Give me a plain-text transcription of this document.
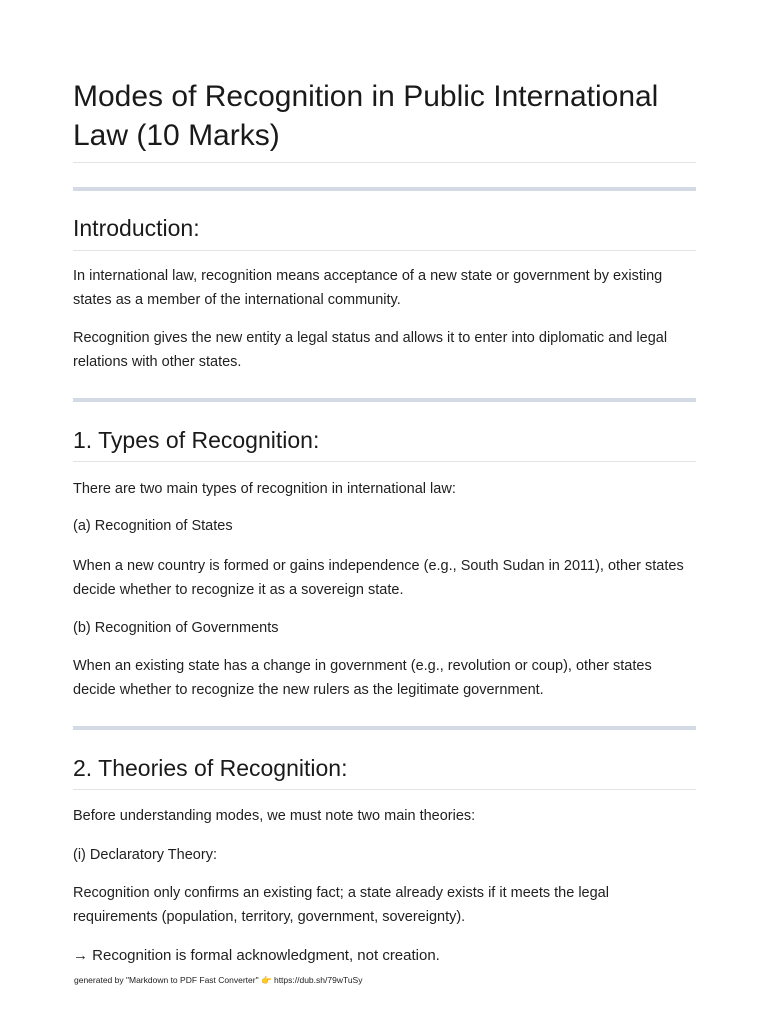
Modes of Recognition in Public International Law (10 Marks)
Introduction:

In international law, recognition means acceptance of a new state or government by existing states as a member of the international community.

Recognition gives the new entity a legal status and allows it to enter into diplomatic and legal relations with other states.

1. Types of Recognition:

There are two main types of recognition in international law:

(a) Recognition of States

When a new country is formed or gains independence (e.g., South Sudan in 2011), other states decide whether to recognize it as a sovereign state.

(b) Recognition of Governments

When an existing state has a change in government (e.g., revolution or coup), other states decide whether to recognize the new rulers as the legitimate government.

2. Theories of Recognition:

Before understanding modes, we must note two main theories:

(i) Declaratory Theory:

Recognition only confirms an existing fact; a state already exists if it meets the legal requirements (population, territory, government, sovereignty).

→ Recognition is formal acknowledgment, not creation.

generated by "Markdown to PDF Fast Converter" 👉 https://dub.sh/79wTuSy
